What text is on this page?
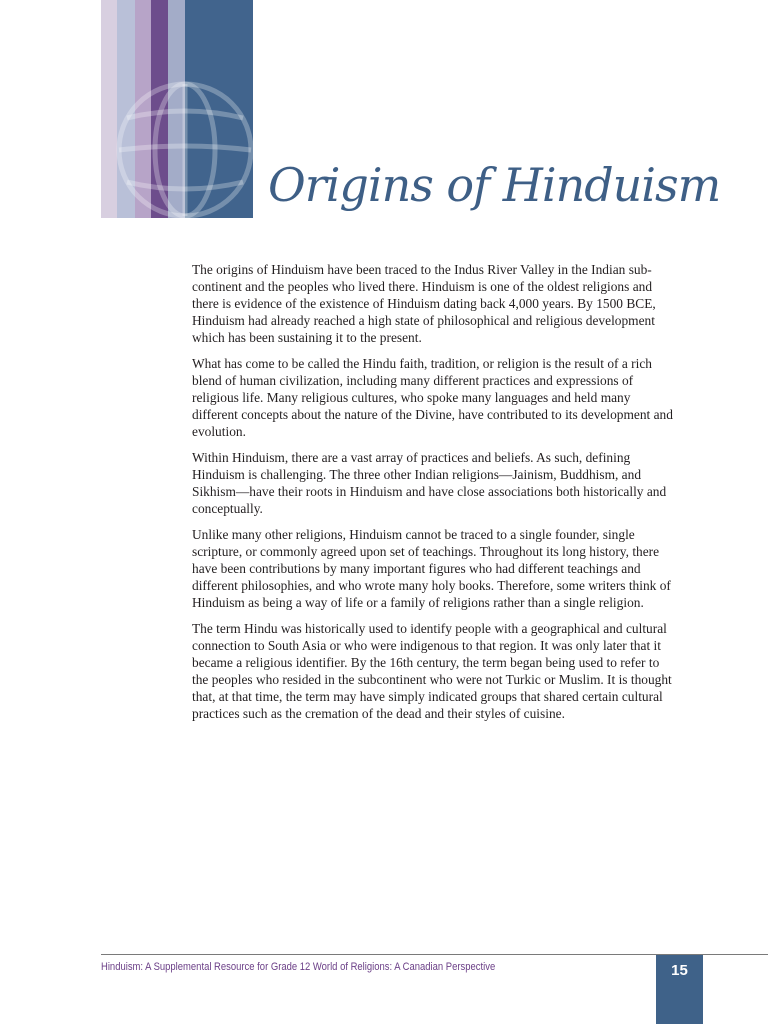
Origins of Hinduism

The origins of Hinduism have been traced to the Indus River Valley in the Indian sub-continent and the peoples who lived there. Hinduism is one of the oldest religions and there is evidence of the existence of Hinduism dating back 4,000 years. By 1500 BCE, Hinduism had already reached a high state of philosophical and religious development which has been sustaining it to the present.

What has come to be called the Hindu faith, tradition, or religion is the result of a rich blend of human civilization, including many different practices and expressions of religious life. Many religious cultures, who spoke many languages and held many different concepts about the nature of the Divine, have contributed to its development and evolution.

Within Hinduism, there are a vast array of practices and beliefs. As such, defining Hinduism is challenging. The three other Indian religions—Jainism, Buddhism, and Sikhism—have their roots in Hinduism and have close associations both historically and conceptually.

Unlike many other religions, Hinduism cannot be traced to a single founder, single scripture, or commonly agreed upon set of teachings. Throughout its long history, there have been contributions by many important figures who had different teachings and different philosophies, and who wrote many holy books. Therefore, some writers think of Hinduism as being a way of life or a family of religions rather than a single religion.

The term Hindu was historically used to identify people with a geographical and cultural connection to South Asia or who were indigenous to that region. It was only later that it became a religious identifier. By the 16th century, the term began being used to refer to the peoples who resided in the subcontinent who were not Turkic or Muslim. It is thought that, at that time, the term may have simply indicated groups that shared certain cultural practices such as the cremation of the dead and their styles of cuisine.

Hinduism: A Supplemental Resource for Grade 12 World of Religions: A Canadian Perspective	15
